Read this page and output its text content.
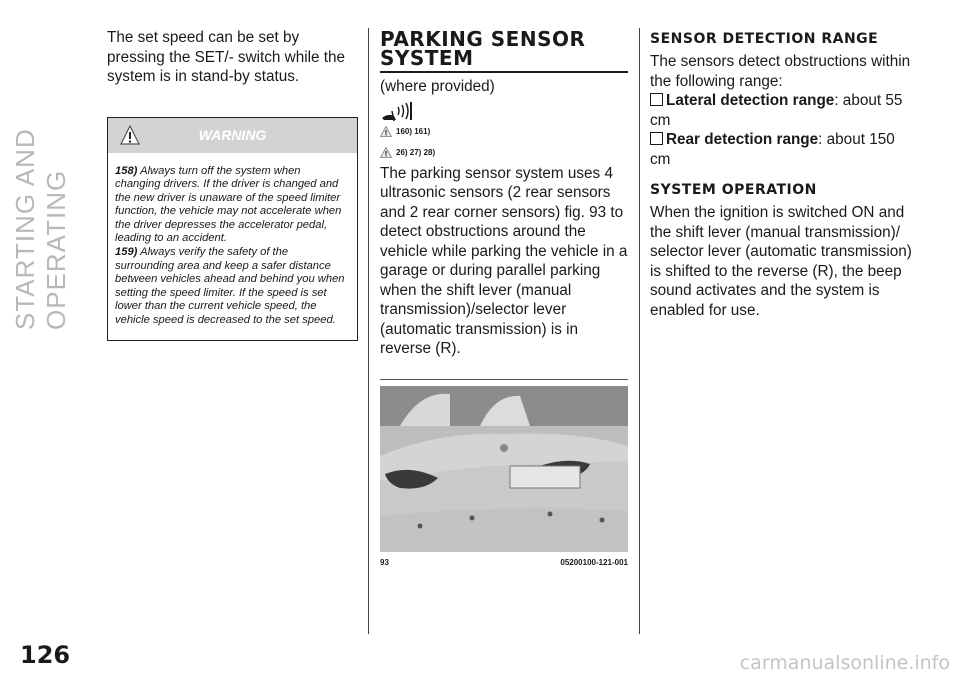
STARTING AND OPERATING
126	carmanualsonline.info

The set speed can be set by pressing the SET/- switch while the system is in stand-by status.

WARNING
158) Always turn off the system when changing drivers. If the driver is changed and the new driver is unaware of the speed limiter function, the vehicle may not accelerate when the driver depresses the accelerator pedal, leading to an accident.
159) Always verify the safety of the surrounding area and keep a safer distance between vehicles ahead and behind you when setting the speed limiter. If the speed is set lower than the current vehicle speed, the vehicle speed is decreased to the set speed.
PARKING SENSOR SYSTEM

(where provided)

160) 161)
26) 27) 28)

The parking sensor system uses 4 ultrasonic sensors (2 rear sensors and 2 rear corner sensors) fig. 93 to detect obstructions around the vehicle while parking the vehicle in a garage or during parallel parking when the shift lever (manual transmission)/selector lever (automatic transmission) is in reverse (R).

93	05200100-121-001
SENSOR DETECTION RANGE

The sensors detect obstructions within the following range:

Lateral detection range: about 55 cm

Rear detection range: about 150 cm

SYSTEM OPERATION

When the ignition is switched ON and the shift lever (manual transmission)/ selector lever (automatic transmission) is shifted to the reverse (R), the beep sound activates and the system is enabled for use.
